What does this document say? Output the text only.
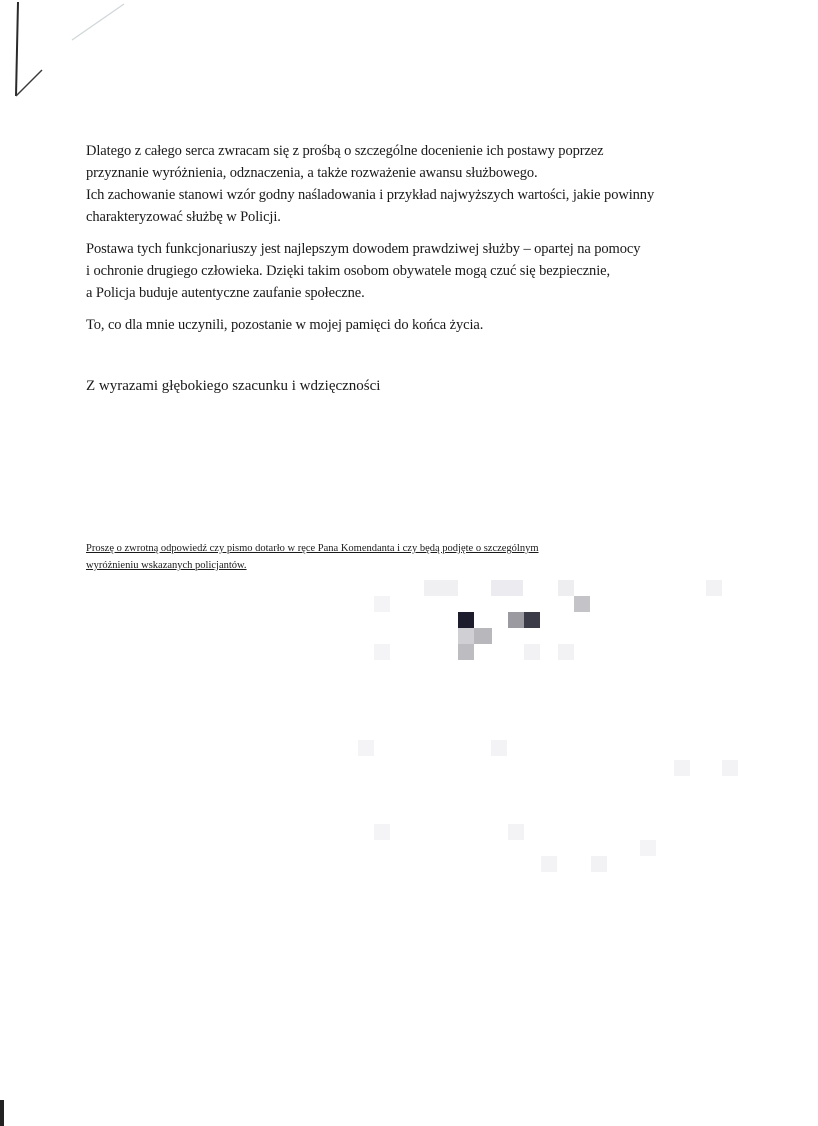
Dlatego z całego serca zwracam się z prośbą o szczególne docenienie ich postawy poprzez
przyznanie wyróżnienia, odznaczenia, a także rozważenie awansu służbowego.
Ich zachowanie stanowi wzór godny naśladowania i przykład najwyższych wartości, jakie powinny
charakteryzować służbę w Policji.

Postawa tych funkcjonariuszy jest najlepszym dowodem prawdziwej służby – opartej na pomocy
i ochronie drugiego człowieka. Dzięki takim osobom obywatele mogą czuć się bezpiecznie,
a Policja buduje autentyczne zaufanie społeczne.

To, co dla mnie uczynili, pozostanie w mojej pamięci do końca życia.

Z wyrazami głębokiego szacunku i wdzięczności
Proszę o zwrotną odpowiedź czy pismo dotarło w ręce Pana Komendanta i czy będą podjęte o szczególnym
wyróżnieniu wskazanych policjantów.
